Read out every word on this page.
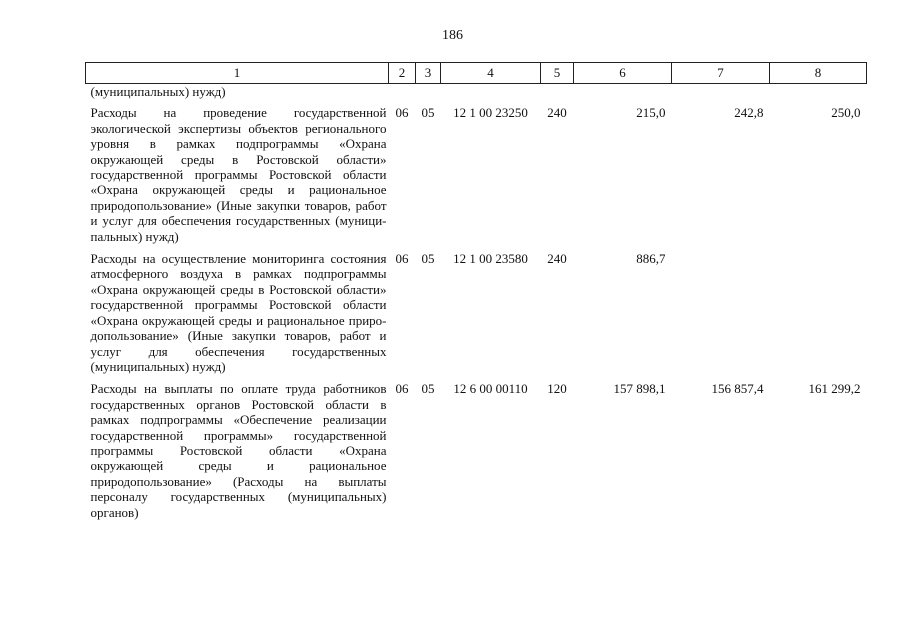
186
1	2	3	4	5	6	7	8
(муниципальных) нужд)							
Расходы на проведение государственной экологической экспертизы объектов регионального уровня в рамках подпрограммы «Охрана окружающей среды в Ростовской области» государственной программы Ростовской области «Охрана окружающей среды и рациональное природопользование» (Иные закупки товаров, работ и услуг для обеспечения государственных (муниципальных) нужд)	06	05	12 1 00 23250	240	215,0	242,8	250,0
Расходы на осуществление мониторинга состояния атмосферного воздуха в рамках подпрограммы «Охрана окружающей среды в Ростовской области» государственной программы Ростовской области «Охрана окружающей среды и рациональное природопользование» (Иные закупки товаров, работ и услуг для обеспечения государственных (муниципальных) нужд)	06	05	12 1 00 23580	240	886,7		
Расходы на выплаты по оплате труда работников государственных органов Ростовской области в рамках подпрограммы «Обеспечение реализации государственной программы» государственной программы Ростовской области «Охрана окружающей среды и рациональное природопользование» (Расходы на выплаты персоналу государственных (муниципальных) органов)	06	05	12 6 00 00110	120	157 898,1	156 857,4	161 299,2
